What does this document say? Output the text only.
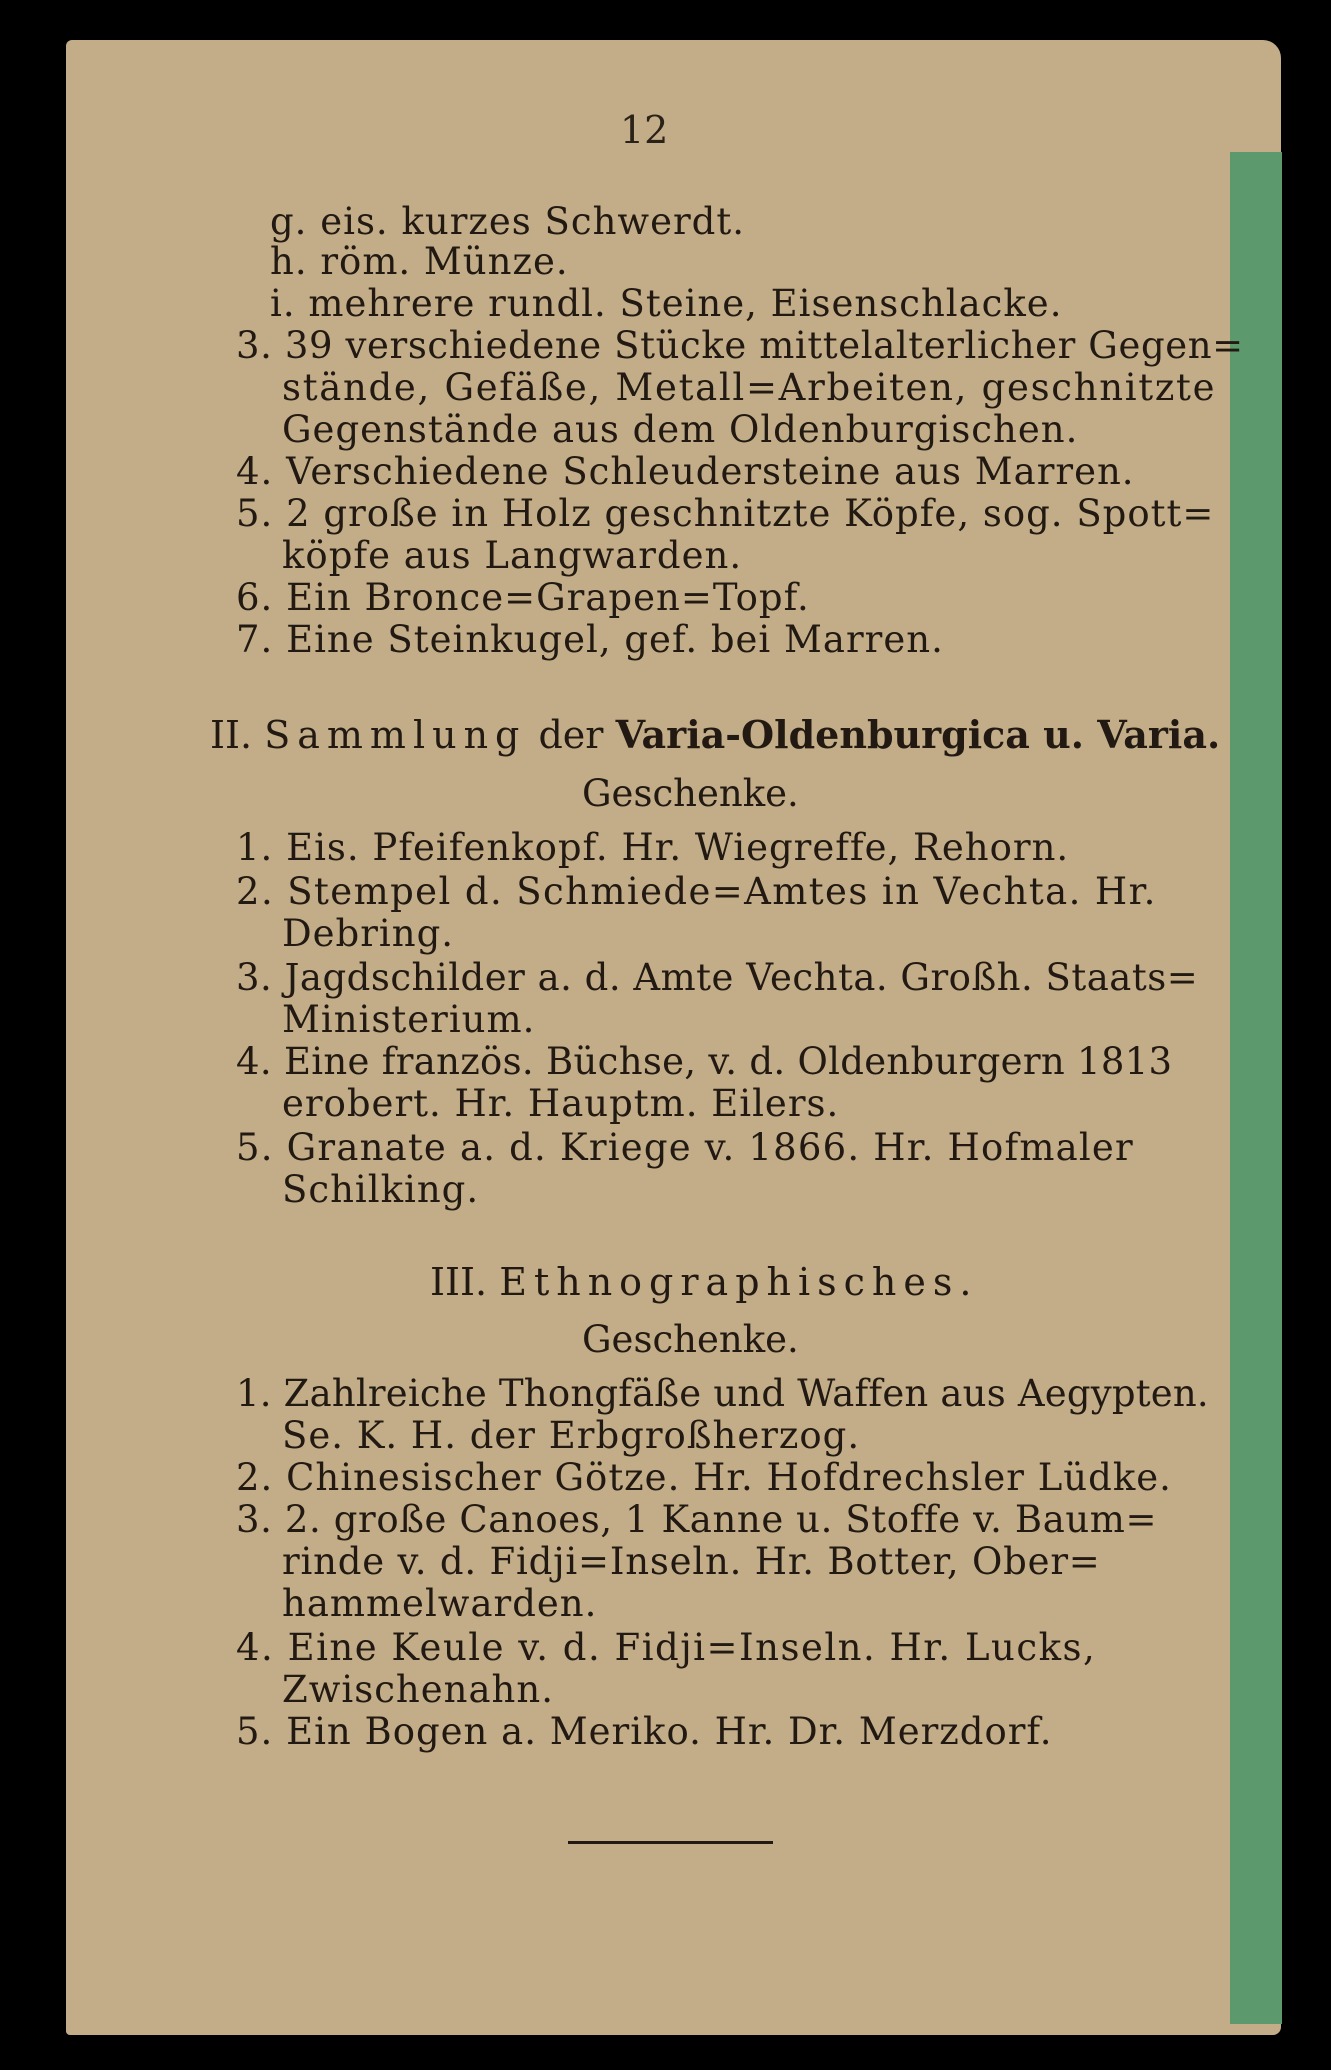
12
g. eis. kurzes Schwerdt.
h. röm. Münze.
i. mehrere rundl. Steine, Eisenschlacke.
3. 39 verschiedene Stücke mittelalterlicher Gegen=
stände, Gefäße, Metall=Arbeiten, geschnitzte
Gegenstände aus dem Oldenburgischen.
4. Verschiedene Schleudersteine aus Marren.
5. 2 große in Holz geschnitzte Köpfe, sog. Spott=
köpfe aus Langwarden.
6. Ein Bronce=Grapen=Topf.
7. Eine Steinkugel, gef. bei Marren.
II. Sammlung der Varia-Oldenburgica u. Varia.
Geschenke.
1. Eis. Pfeifenkopf. Hr. Wiegreffe, Rehorn.
2. Stempel d. Schmiede=Amtes in Vechta. Hr.
Debring.
3. Jagdschilder a. d. Amte Vechta. Großh. Staats=
Ministerium.
4. Eine französ. Büchse, v. d. Oldenburgern 1813
erobert. Hr. Hauptm. Eilers.
5. Granate a. d. Kriege v. 1866. Hr. Hofmaler
Schilking.
III. Ethnographisches.
Geschenke.
1. Zahlreiche Thongfäße und Waffen aus Aegypten.
Se. K. H. der Erbgroßherzog.
2. Chinesischer Götze. Hr. Hofdrechsler Lüdke.
3. 2. große Canoes, 1 Kanne u. Stoffe v. Baum=
rinde v. d. Fidji=Inseln. Hr. Botter, Ober=
hammelwarden.
4. Eine Keule v. d. Fidji=Inseln. Hr. Lucks,
Zwischenahn.
5. Ein Bogen a. Meriko. Hr. Dr. Merzdorf.
